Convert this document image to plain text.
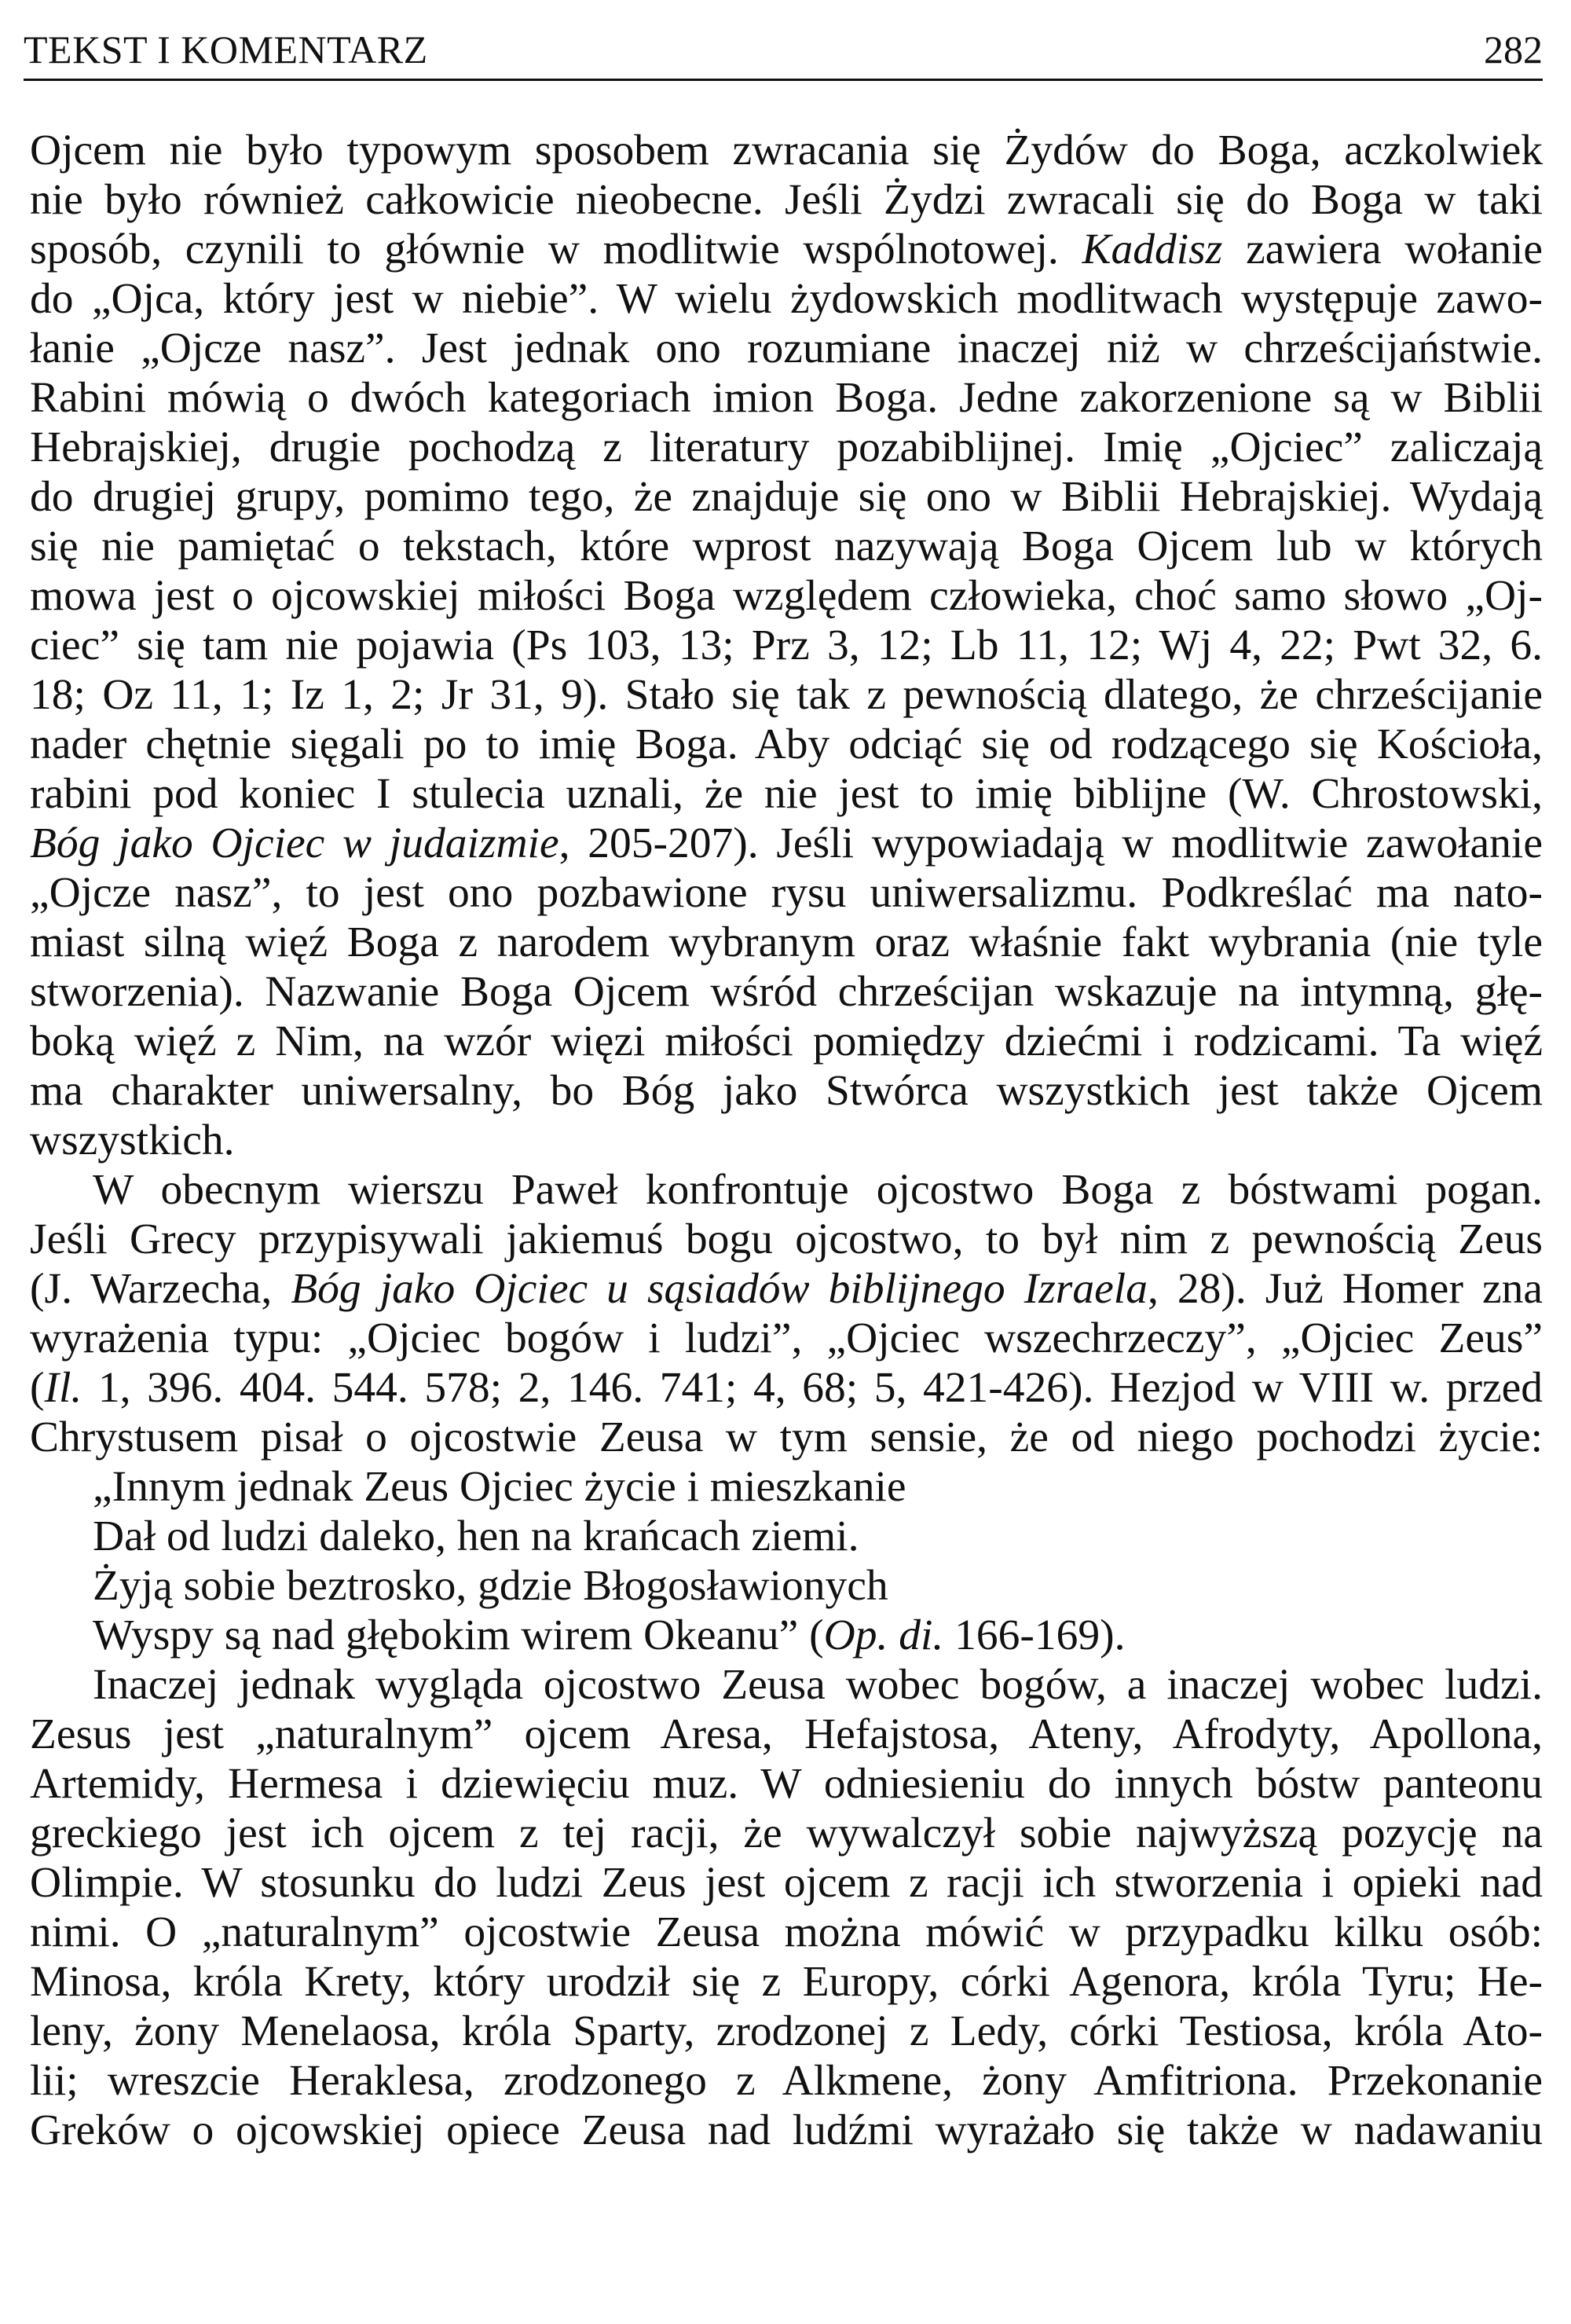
TEKST I KOMENTARZ	282
Ojcem nie było typowym sposobem zwracania się Żydów do Boga, aczkolwiek
nie było również całkowicie nieobecne. Jeśli Żydzi zwracali się do Boga w taki
sposób, czynili to głównie w modlitwie wspólnotowej. Kaddisz zawiera wołanie
do „Ojca, który jest w niebie”. W wielu żydowskich modlitwach występuje zawo-
łanie „Ojcze nasz”. Jest jednak ono rozumiane inaczej niż w chrześcijaństwie.
Rabini mówią o dwóch kategoriach imion Boga. Jedne zakorzenione są w Biblii
Hebrajskiej, drugie pochodzą z literatury pozabiblijnej. Imię „Ojciec” zaliczają
do drugiej grupy, pomimo tego, że znajduje się ono w Biblii Hebrajskiej. Wydają
się nie pamiętać o tekstach, które wprost nazywają Boga Ojcem lub w których
mowa jest o ojcowskiej miłości Boga względem człowieka, choć samo słowo „Oj-
ciec” się tam nie pojawia (Ps 103, 13; Prz 3, 12; Lb 11, 12; Wj 4, 22; Pwt 32, 6.
18; Oz 11, 1; Iz 1, 2; Jr 31, 9). Stało się tak z pewnością dlatego, że chrześcijanie
nader chętnie sięgali po to imię Boga. Aby odciąć się od rodzącego się Kościoła,
rabini pod koniec I stulecia uznali, że nie jest to imię biblijne (W. Chrostowski,
Bóg jako Ojciec w judaizmie, 205-207). Jeśli wypowiadają w modlitwie zawołanie
„Ojcze nasz”, to jest ono pozbawione rysu uniwersalizmu. Podkreślać ma nato-
miast silną więź Boga z narodem wybranym oraz właśnie fakt wybrania (nie tyle
stworzenia). Nazwanie Boga Ojcem wśród chrześcijan wskazuje na intymną, głę-
boką więź z Nim, na wzór więzi miłości pomiędzy dziećmi i rodzicami. Ta więź
ma charakter uniwersalny, bo Bóg jako Stwórca wszystkich jest także Ojcem
wszystkich.
W obecnym wierszu Paweł konfrontuje ojcostwo Boga z bóstwami pogan.
Jeśli Grecy przypisywali jakiemuś bogu ojcostwo, to był nim z pewnością Zeus
(J. Warzecha, Bóg jako Ojciec u sąsiadów biblijnego Izraela, 28). Już Homer zna
wyrażenia typu: „Ojciec bogów i ludzi”, „Ojciec wszechrzeczy”, „Ojciec Zeus”
(Il. 1, 396. 404. 544. 578; 2, 146. 741; 4, 68; 5, 421-426). Hezjod w VIII w. przed
Chrystusem pisał o ojcostwie Zeusa w tym sensie, że od niego pochodzi życie:
„Innym jednak Zeus Ojciec życie i mieszkanie
Dał od ludzi daleko, hen na krańcach ziemi.
Żyją sobie beztrosko, gdzie Błogosławionych
Wyspy są nad głębokim wirem Okeanu” (Op. di. 166-169).
Inaczej jednak wygląda ojcostwo Zeusa wobec bogów, a inaczej wobec ludzi.
Zesus jest „naturalnym” ojcem Aresa, Hefajstosa, Ateny, Afrodyty, Apollona,
Artemidy, Hermesa i dziewięciu muz. W odniesieniu do innych bóstw panteonu
greckiego jest ich ojcem z tej racji, że wywalczył sobie najwyższą pozycję na
Olimpie. W stosunku do ludzi Zeus jest ojcem z racji ich stworzenia i opieki nad
nimi. O „naturalnym” ojcostwie Zeusa można mówić w przypadku kilku osób:
Minosa, króla Krety, który urodził się z Europy, córki Agenora, króla Tyru; He-
leny, żony Menelaosa, króla Sparty, zrodzonej z Ledy, córki Testiosa, króla Ato-
lii; wreszcie Heraklesa, zrodzonego z Alkmene, żony Amfitriona. Przekonanie
Greków o ojcowskiej opiece Zeusa nad ludźmi wyrażało się także w nadawaniu
